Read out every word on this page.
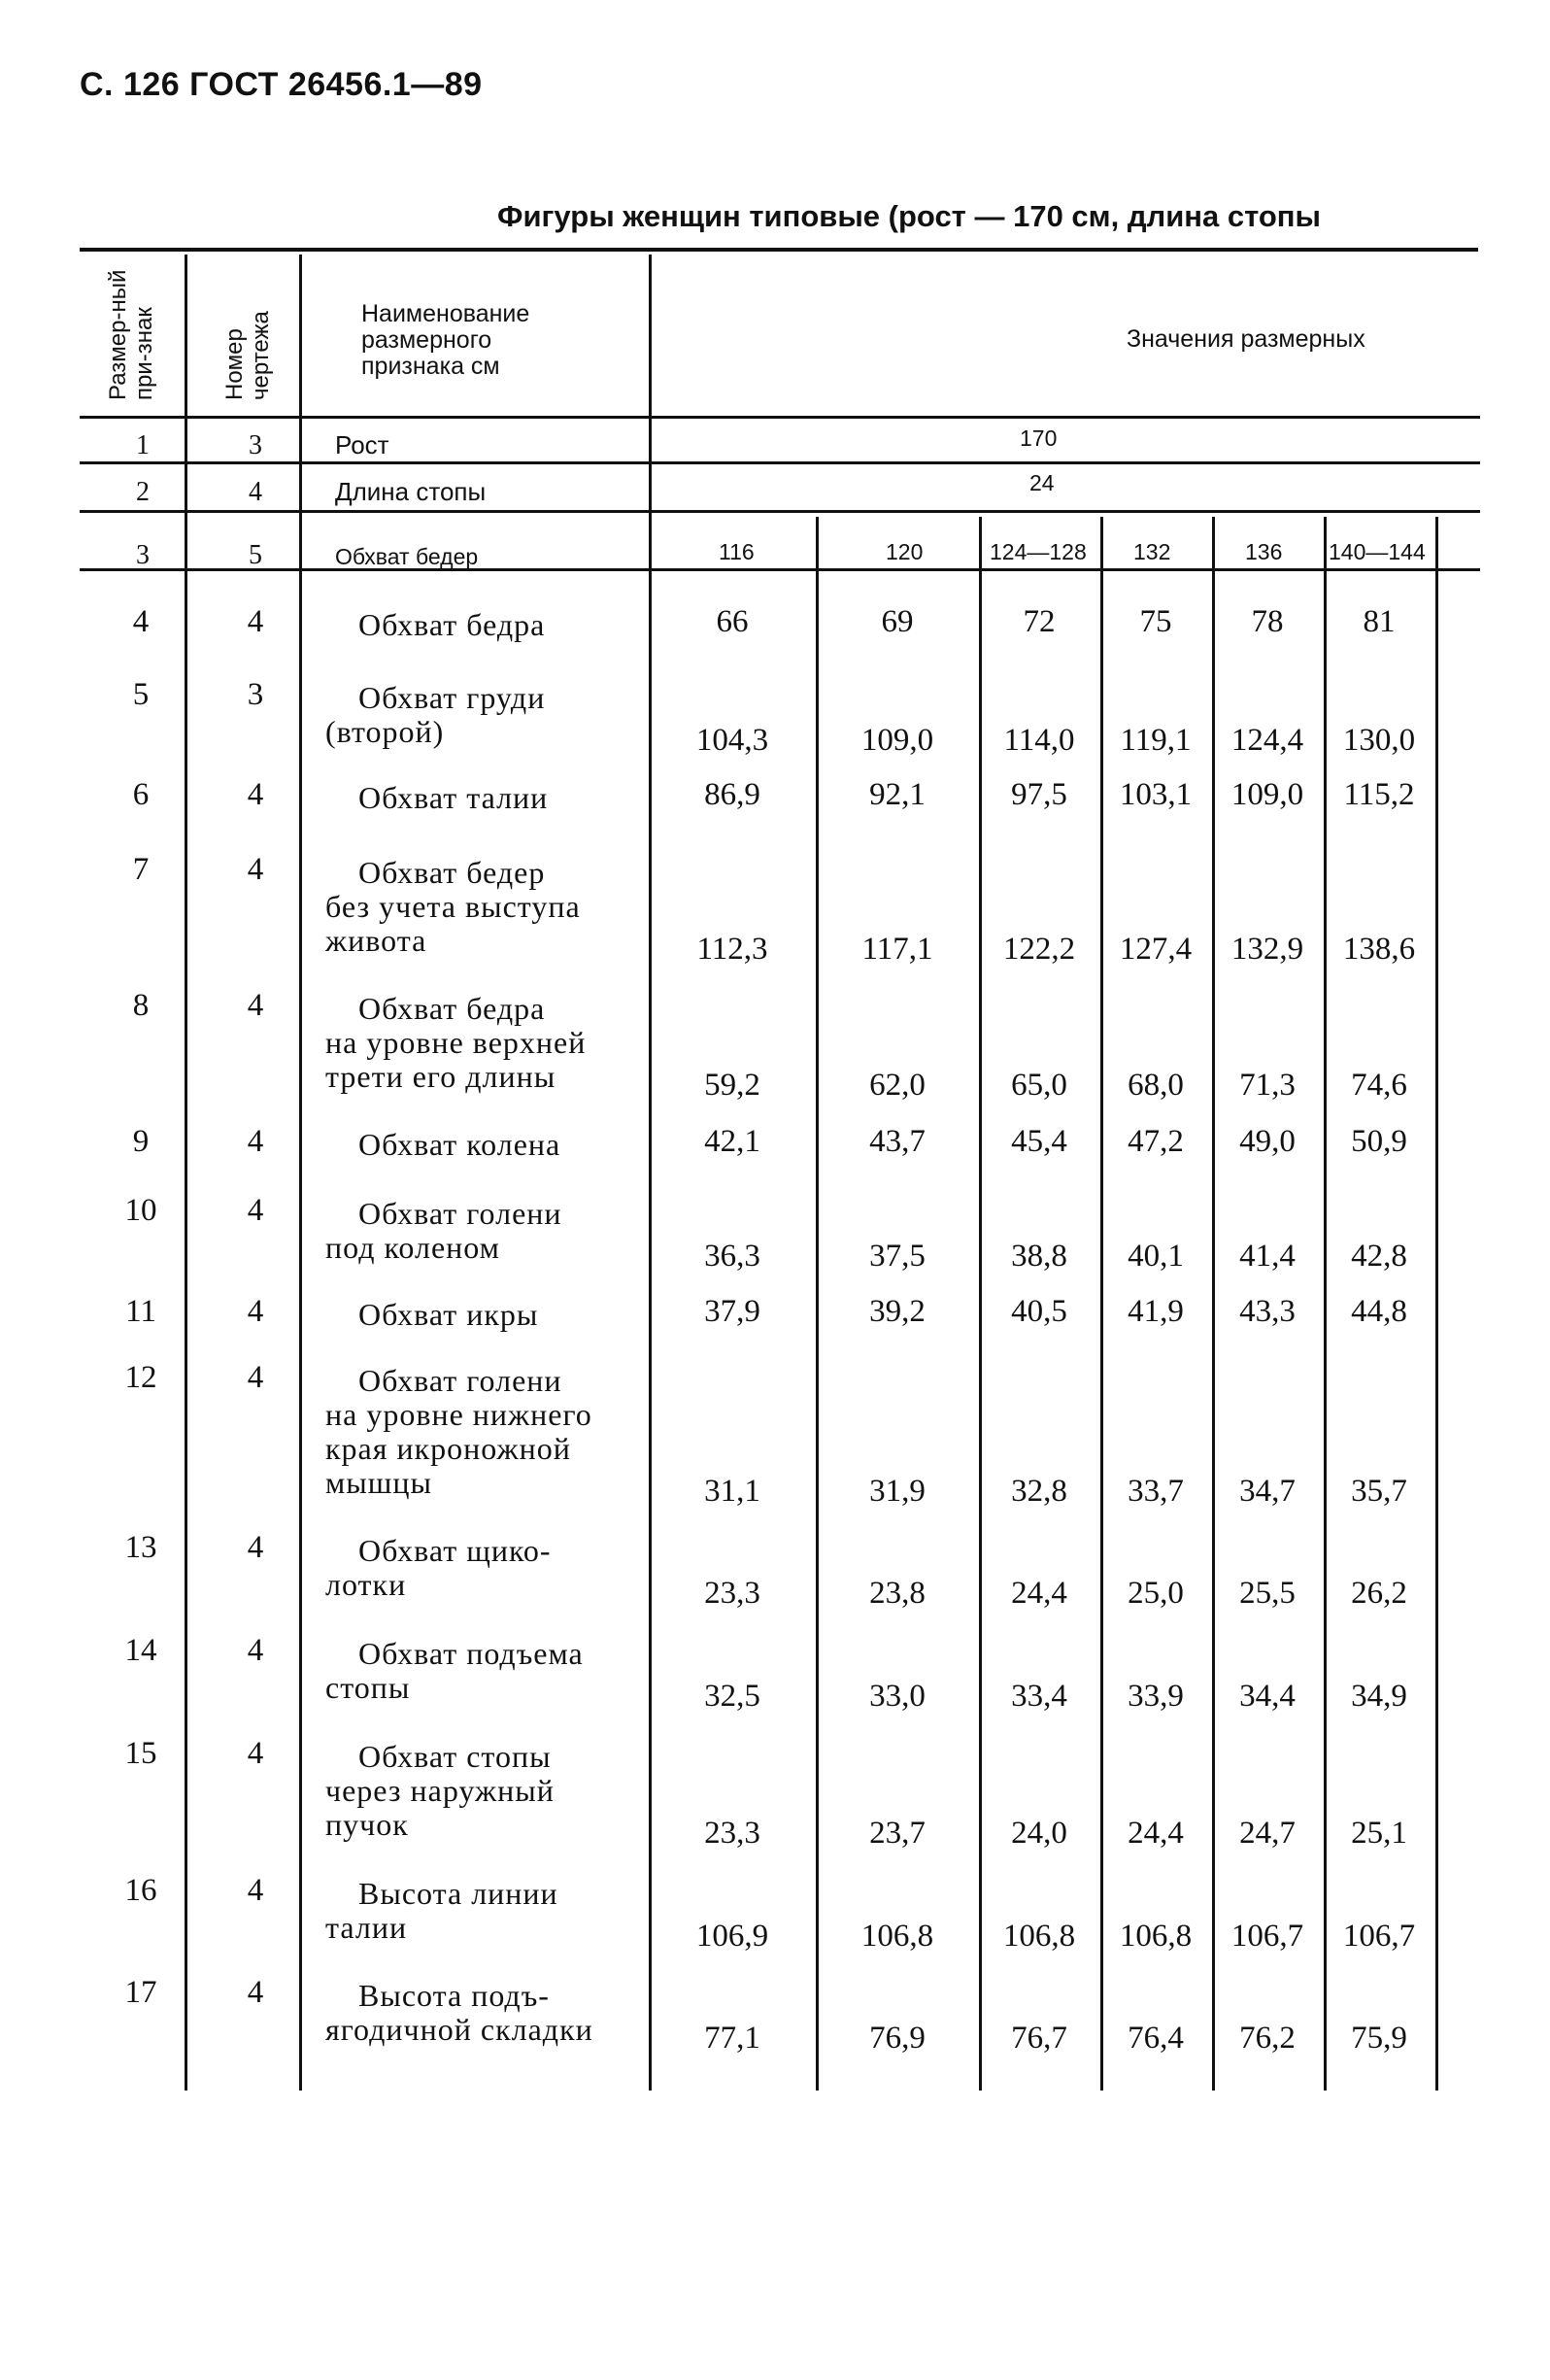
С. 126 ГОСТ 26456.1—89
Фигуры женщин типовые (рост — 170 см, длина стопы
Размер-ный при-знак	Номер чертежа	Наименование размерного признака см
Значения размерных
1	3	Рост	170
2	4	Длина стопы	24
3	5	Обхват бедер	116	120	124—128 132	136 140—144
4	4	Обхват бедра	66	69	72	75	78	81
5	3	Обхват груди
(второй)	104,3	109,0	114,0	119,1	124,4	130,0
6	4	Обхват талии	86,9	92,1	97,5	103,1	109,0	115,2
7	4	Обхват бедер
без учета выступа
живота	112,3	117,1	122,2	127,4	132,9	138,6
8	4	Обхват бедра
на уровне верхней
трети его длины	59,2	62,0	65,0	68,0	71,3	74,6
9	4	Обхват колена	42,1	43,7	45,4	47,2	49,0	50,9
10	4	Обхват голени
под коленом	36,3	37,5	38,8	40,1	41,4	42,8
11	4	Обхват икры	37,9	39,2	40,5	41,9	43,3	44,8
12	4	Обхват голени
на уровне нижнего
края икроножной
мышцы	31,1	31,9	32,8	33,7	34,7	35,7
13	4	Обхват щико-
лотки	23,3	23,8	24,4	25,0	25,5	26,2
14	4	Обхват подъема
стопы	32,5	33,0	33,4	33,9	34,4	34,9
15	4	Обхват стопы
через наружный
пучок	23,3	23,7	24,0	24,4	24,7	25,1
16	4	Высота линии
талии	106,9	106,8	106,8	106,8	106,7	106,7
17	4	Высота подъ-
ягодичной складки	77,1	76,9	76,7	76,4	76,2	75,9
